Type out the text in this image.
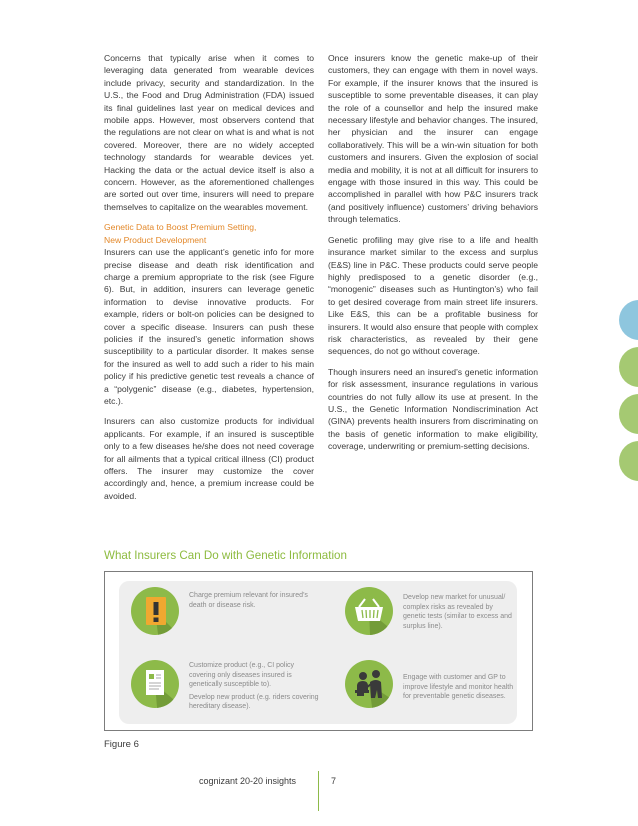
Concerns that typically arise when it comes to leveraging data generated from wearable devices include privacy, security and standardization. In the U.S., the Food and Drug Administration (FDA) issued its final guidelines last year on medical devices and mobile apps. However, most observers contend that the regulations are not clear on what is and what is not covered. Moreover, there are no widely accepted technology standards for wearable devices yet. Hacking the data or the actual device itself is also a concern. However, as the aforementioned challenges are sorted out over time, insurers will need to prepare themselves to capitalize on the wearables movement.

Genetic Data to Boost Premium Setting,
New Product Development

Insurers can use the applicant’s genetic info for more precise disease and death risk identification and charge a premium appropriate to the risk (see Figure 6). But, in addition, insurers can leverage genetic information to devise innovative products. For example, riders or bolt-on policies can be designed to cover a specific disease. Insurers can push these policies if the insured’s genetic information shows susceptibility to a particular disorder. It makes sense for the insured as well to add such a rider to his main policy if his predictive genetic test reveals a chance of a “polygenic” disease (e.g., diabetes, hypertension, etc.).

Insurers can also customize products for individual applicants. For example, if an insured is susceptible only to a few diseases he/she does not need coverage for all ailments that a typical critical illness (CI) product offers. The insurer may customize the cover accordingly and, hence, a premium increase could be avoided.

Once insurers know the genetic make-up of their customers, they can engage with them in novel ways. For example, if the insurer knows that the insured is susceptible to some preventable diseases, it can play the role of a counsellor and help the insured make necessary lifestyle and behavior changes. The insured, her physician and the insurer can engage collaboratively. This will be a win-win situation for both customers and insurers. Given the explosion of social media and mobility, it is not at all difficult for insurers to engage with those insured in this way. This could be accomplished in parallel with how P&C insurers track (and positively influence) customers’ driving behaviors through telematics.

Genetic profiling may give rise to a life and health insurance market similar to the excess and surplus (E&S) line in P&C. These products could serve people highly predisposed to a genetic disorder (e.g., “monogenic” diseases such as Huntington’s) who fail to get desired coverage from main street life insurers. Like E&S, this can be a profitable business for insurers. It would also ensure that people with complex risk characteristics, as revealed by their gene sequences, do not go without coverage.

Though insurers need an insured’s genetic information for risk assessment, insurance regulations in various countries do not fully allow its use at present. In the U.S., the Genetic Information Nondiscrimination Act (GINA) prevents health insurers from discriminating on the basis of genetic information to make eligibility, coverage, underwriting or premium-setting decisions.

What Insurers Can Do with Genetic Information

Charge premium relevant for insured’s death or disease risk.

Develop new market for unusual/ complex risks as revealed by genetic tests (similar to excess and surplus line).

Customize product (e.g., CI policy covering only diseases insured is genetically susceptible to).

Develop new product (e.g. riders covering hereditary disease).

Engage with customer and GP to improve lifestyle and monitor health for preventable genetic diseases.

Figure 6
cognizant 20-20 insights	7
